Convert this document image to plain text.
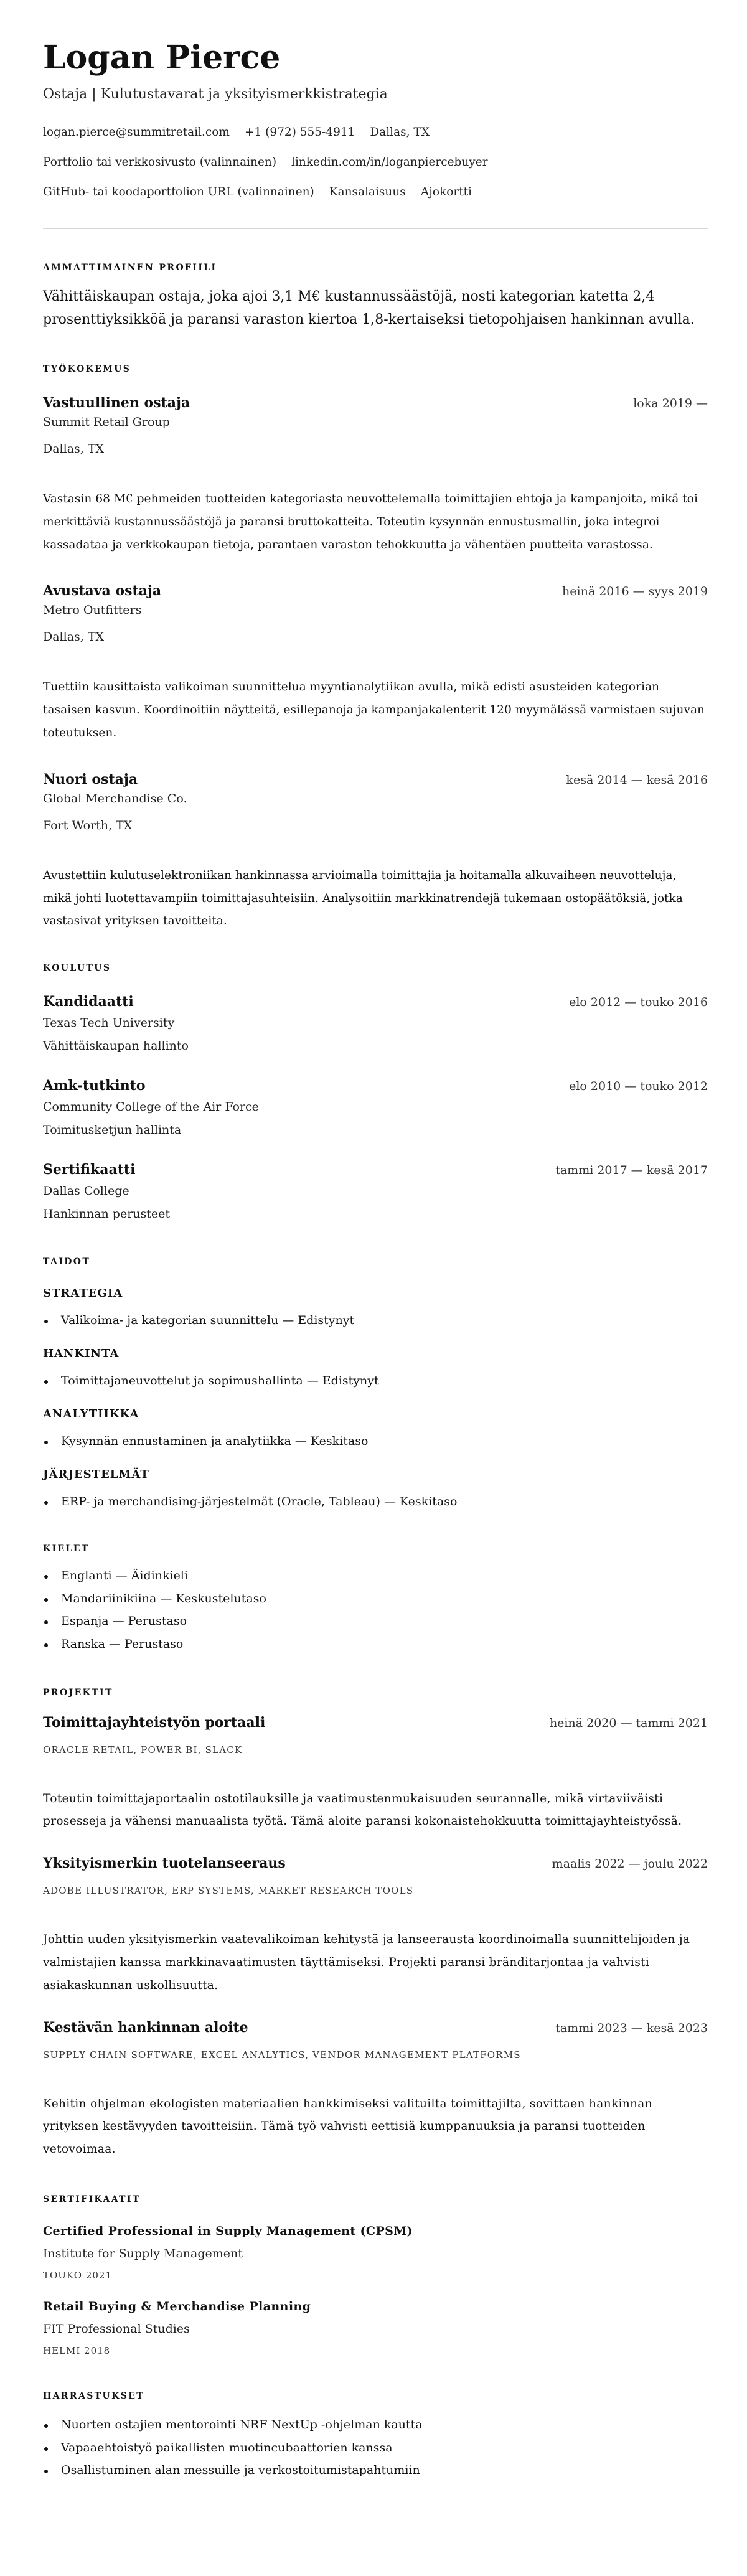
Logan Pierce
Ostaja | Kulutustavarat ja yksityismerkkistrategia
logan.pierce@summitretail.com +1 (972) 555-4911 Dallas, TX
Portfolio tai verkkosivusto (valinnainen) linkedin.com/in/loganpiercebuyer
GitHub- tai koodaportfolion URL (valinnainen) Kansalaisuus Ajokortti
AMMATTIMAINEN PROFIILI

Vähittäiskaupan ostaja, joka ajoi 3,1 M€ kustannussäästöjä, nosti kategorian katetta 2,4 prosenttiyksikköä ja paransi varaston kiertoa 1,8-kertaiseksi tietopohjaisen hankinnan avulla.

TYÖKOKEMUS
Vastuullinen ostaja	loka 2019 —
Summit Retail Group
Dallas, TX

Vastasin 68 M€ pehmeiden tuotteiden kategoriasta neuvottelemalla toimittajien ehtoja ja kampanjoita, mikä toi merkittäviä kustannussäästöjä ja paransi bruttokatteita. Toteutin kysynnän ennustusmallin, joka integroi kassadataa ja verkkokaupan tietoja, parantaen varaston tehokkuutta ja vähentäen puutteita varastossa.

Avustava ostaja	heinä 2016 — syys 2019
Metro Outfitters
Dallas, TX

Tuettiin kausittaista valikoiman suunnittelua myyntianalytiikan avulla, mikä edisti asusteiden kategorian tasaisen kasvun. Koordinoitiin näytteitä, esillepanoja ja kampanjakalenterit 120 myymälässä varmistaen sujuvan toteutuksen.

Nuori ostaja	kesä 2014 — kesä 2016
Global Merchandise Co.
Fort Worth, TX

Avustettiin kulutuselektroniikan hankinnassa arvioimalla toimittajia ja hoitamalla alkuvaiheen neuvotteluja, mikä johti luotettavampiin toimittajasuhteisiin. Analysoitiin markkinatrendejä tukemaan ostopäätöksiä, jotka vastasivat yrityksen tavoitteita.

KOULUTUS
Kandidaatti	elo 2012 — touko 2016
Texas Tech University
Vähittäiskaupan hallinto
Amk-tutkinto	elo 2010 — touko 2012
Community College of the Air Force
Toimitusketjun hallinta
Sertifikaatti	tammi 2017 — kesä 2017
Dallas College
Hankinnan perusteet
TAIDOT
STRATEGIA
Valikoima- ja kategorian suunnittelu — Edistynyt
HANKINTA
Toimittajaneuvottelut ja sopimushallinta — Edistynyt
ANALYTIIKKA
Kysynnän ennustaminen ja analytiikka — Keskitaso
JÄRJESTELMÄT
ERP- ja merchandising-järjestelmät (Oracle, Tableau) — Keskitaso
KIELET
Englanti — Äidinkieli
Mandariinikiina — Keskustelutaso
Espanja — Perustaso
Ranska — Perustaso
PROJEKTIT
Toimittajayhteistyön portaali	heinä 2020 — tammi 2021
ORACLE RETAIL, POWER BI, SLACK

Toteutin toimittajaportaalin ostotilauksille ja vaatimustenmukaisuuden seurannalle, mikä virtaviiväisti prosesseja ja vähensi manuaalista työtä. Tämä aloite paransi kokonaistehokkuutta toimittajayhteistyössä.

Yksityismerkin tuotelanseeraus	maalis 2022 — joulu 2022
ADOBE ILLUSTRATOR, ERP SYSTEMS, MARKET RESEARCH TOOLS

Johttin uuden yksityismerkin vaatevalikoiman kehitystä ja lanseerausta koordinoimalla suunnittelijoiden ja valmistajien kanssa markkinavaatimusten täyttämiseksi. Projekti paransi bränditarjontaa ja vahvisti asiakaskunnan uskollisuutta.

Kestävän hankinnan aloite	tammi 2023 — kesä 2023
SUPPLY CHAIN SOFTWARE, EXCEL ANALYTICS, VENDOR MANAGEMENT PLATFORMS

Kehitin ohjelman ekologisten materiaalien hankkimiseksi valituilta toimittajilta, sovittaen hankinnan yrityksen kestävyyden tavoitteisiin. Tämä työ vahvisti eettisiä kumppanuuksia ja paransi tuotteiden vetovoimaa.

SERTIFIKAATIT
Certified Professional in Supply Management (CPSM)
Institute for Supply Management
TOUKO 2021
Retail Buying & Merchandise Planning
FIT Professional Studies
HELMI 2018
HARRASTUKSET
Nuorten ostajien mentorointi NRF NextUp -ohjelman kautta
Vapaaehtoistyö paikallisten muotincubaattorien kanssa
Osallistuminen alan messuille ja verkostoitumistapahtumiin
